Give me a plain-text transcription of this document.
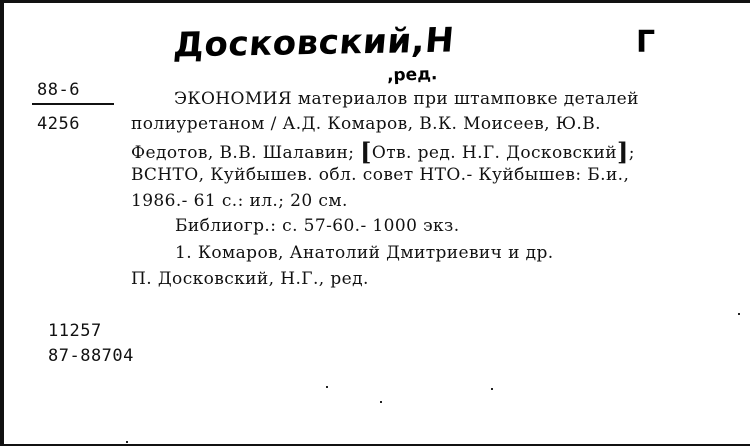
Досковский,Н	Г
,ред.
88-6
4256
ЭКОНОМИЯ материалов при штамповке деталей
полиуретаном / А.Д. Комаров, В.К. Моисеев, Ю.В.
Федотов, В.В. Шалавин; [Отв. ред. Н.Г. Досковский];
ВСНТО, Куйбышев. обл. совет НТО.- Куйбышев: Б.и.,
1986.- 61 с.: ил.; 20 см.
Библиогр.: с. 57-60.- 1000 экз.
1. Комаров, Анатолий Дмитриевич и др.
П. Досковский, Н.Г., ред.
11257
87-88704
